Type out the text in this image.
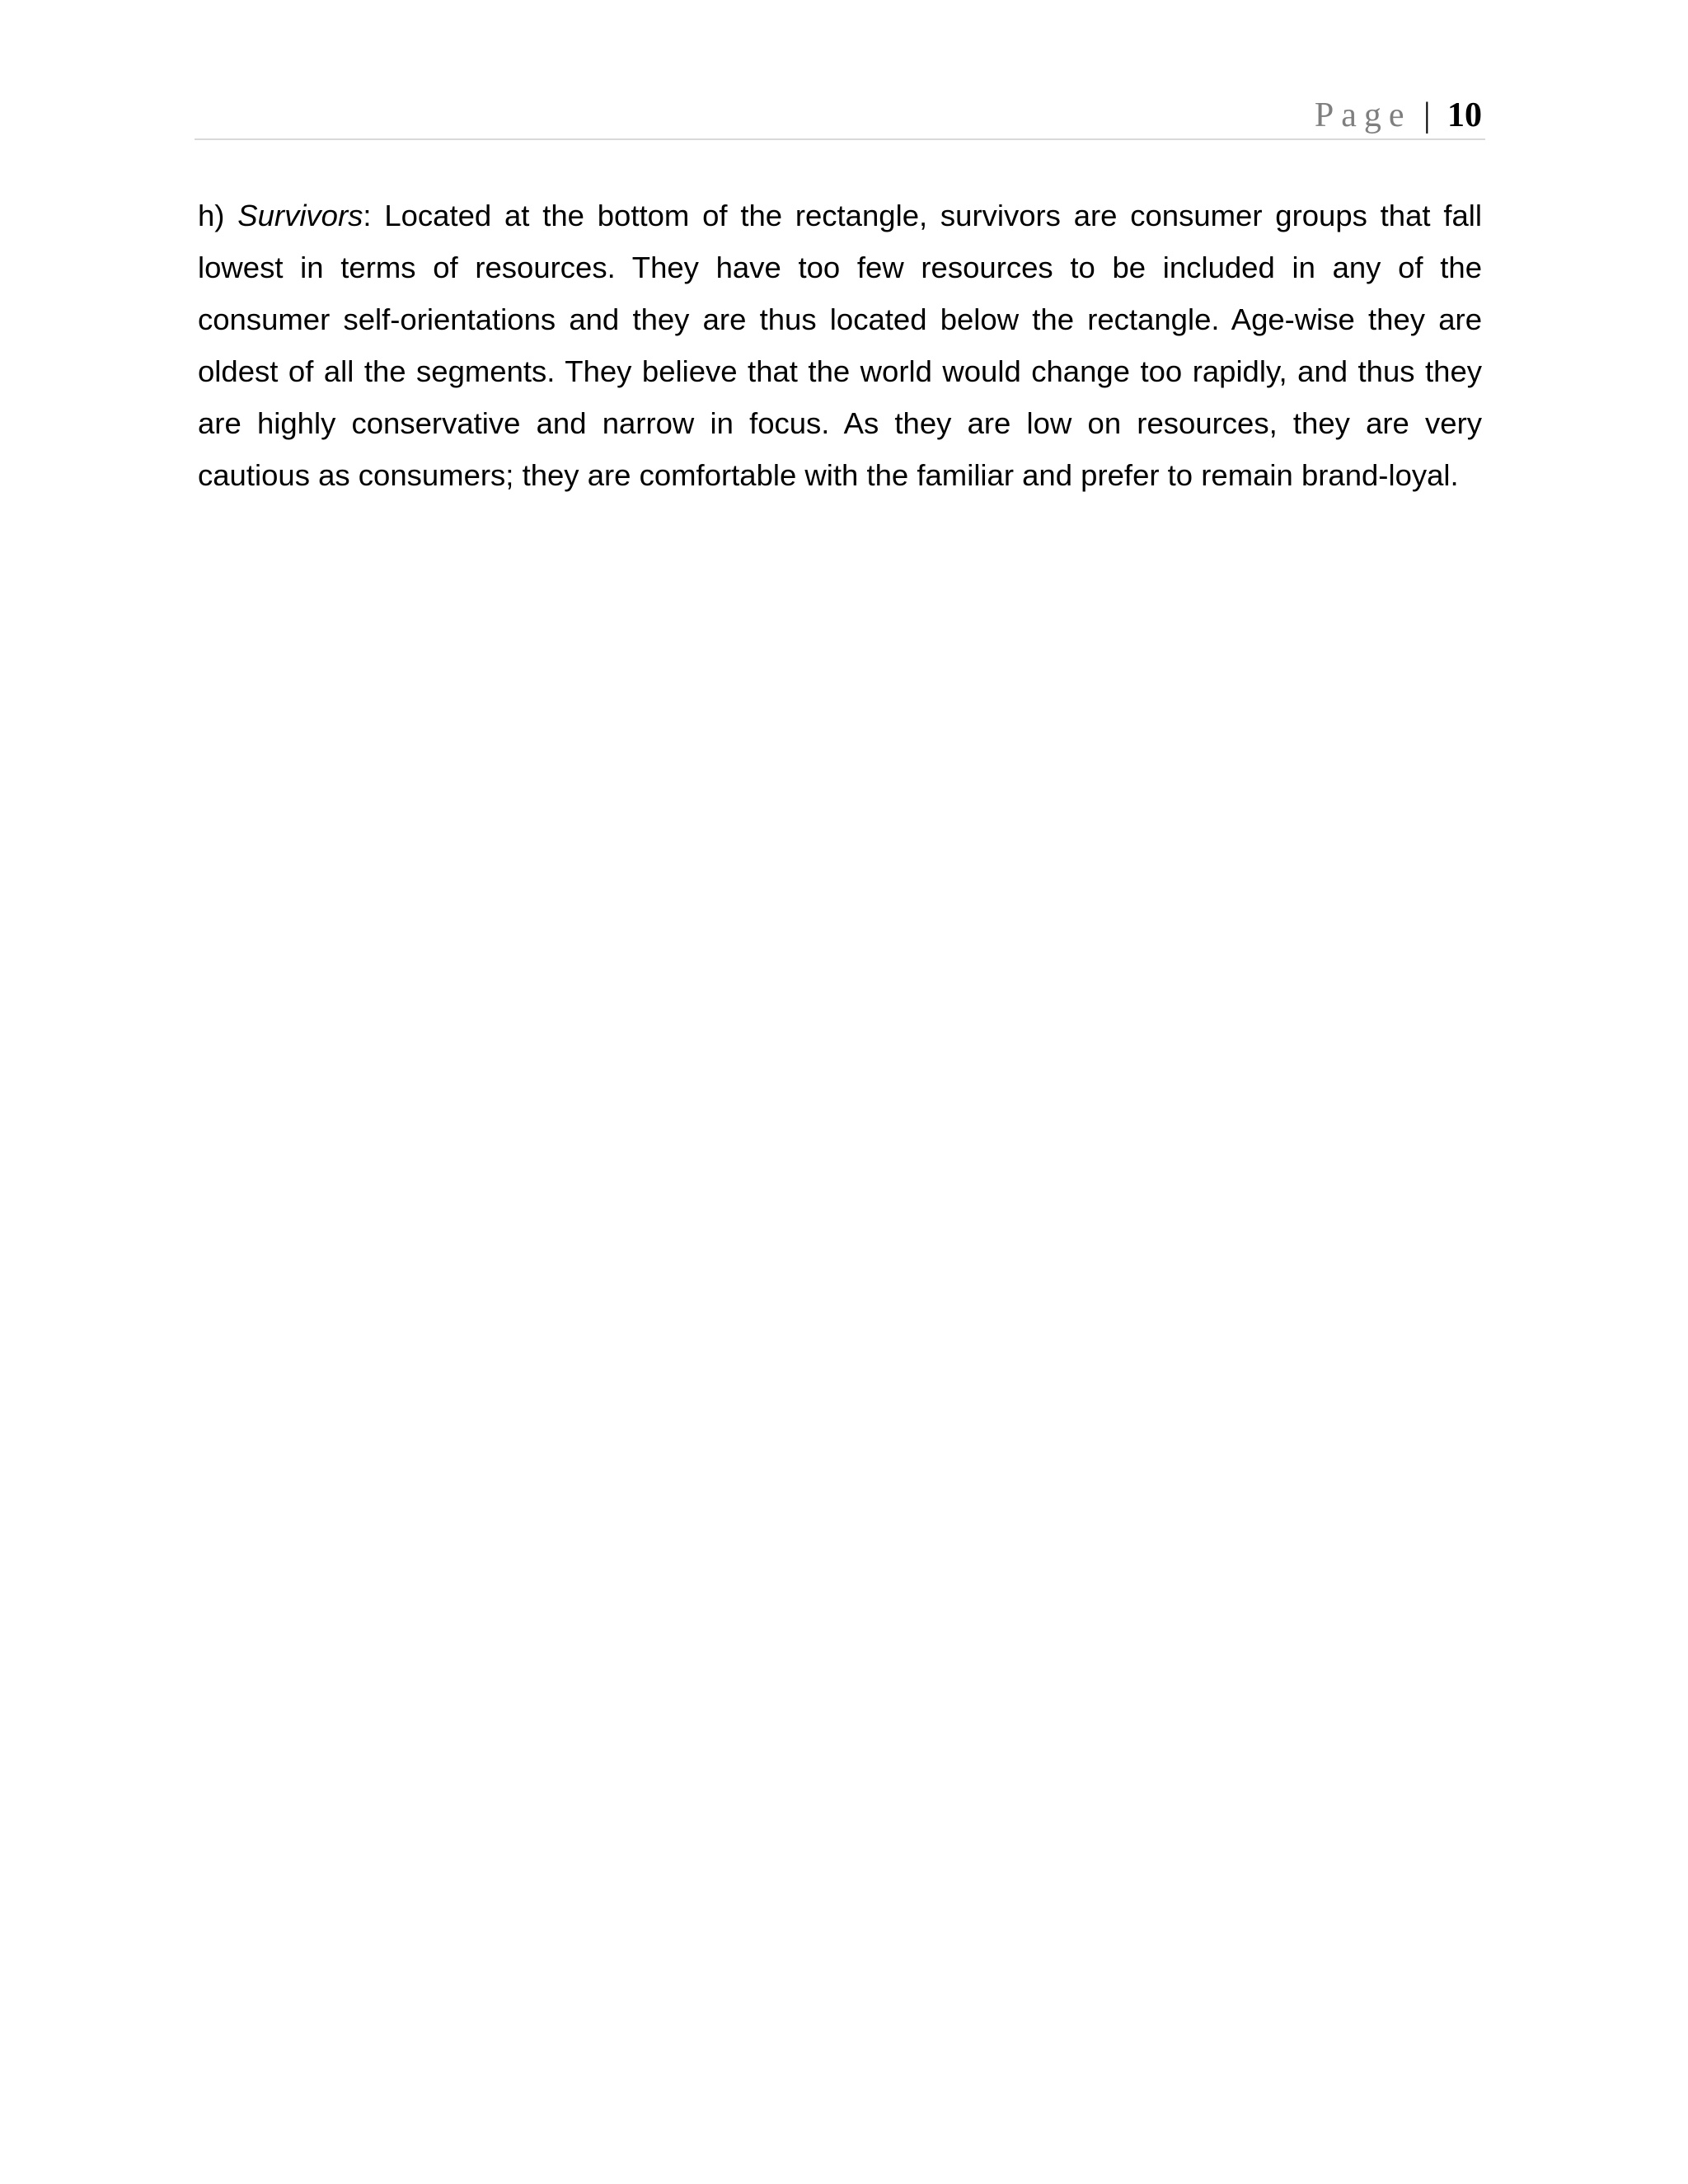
Page | 10

h) Survivors: Located at the bottom of the rectangle, survivors are consumer groups that fall lowest in terms of resources. They have too few resources to be included in any of the consumer self-orientations and they are thus located below the rectangle. Age-wise they are oldest of all the segments. They believe that the world would change too rapidly, and thus they are highly conservative and narrow in focus. As they are low on resources, they are very cautious as consumers; they are comfortable with the familiar and prefer to remain brand-loyal.
